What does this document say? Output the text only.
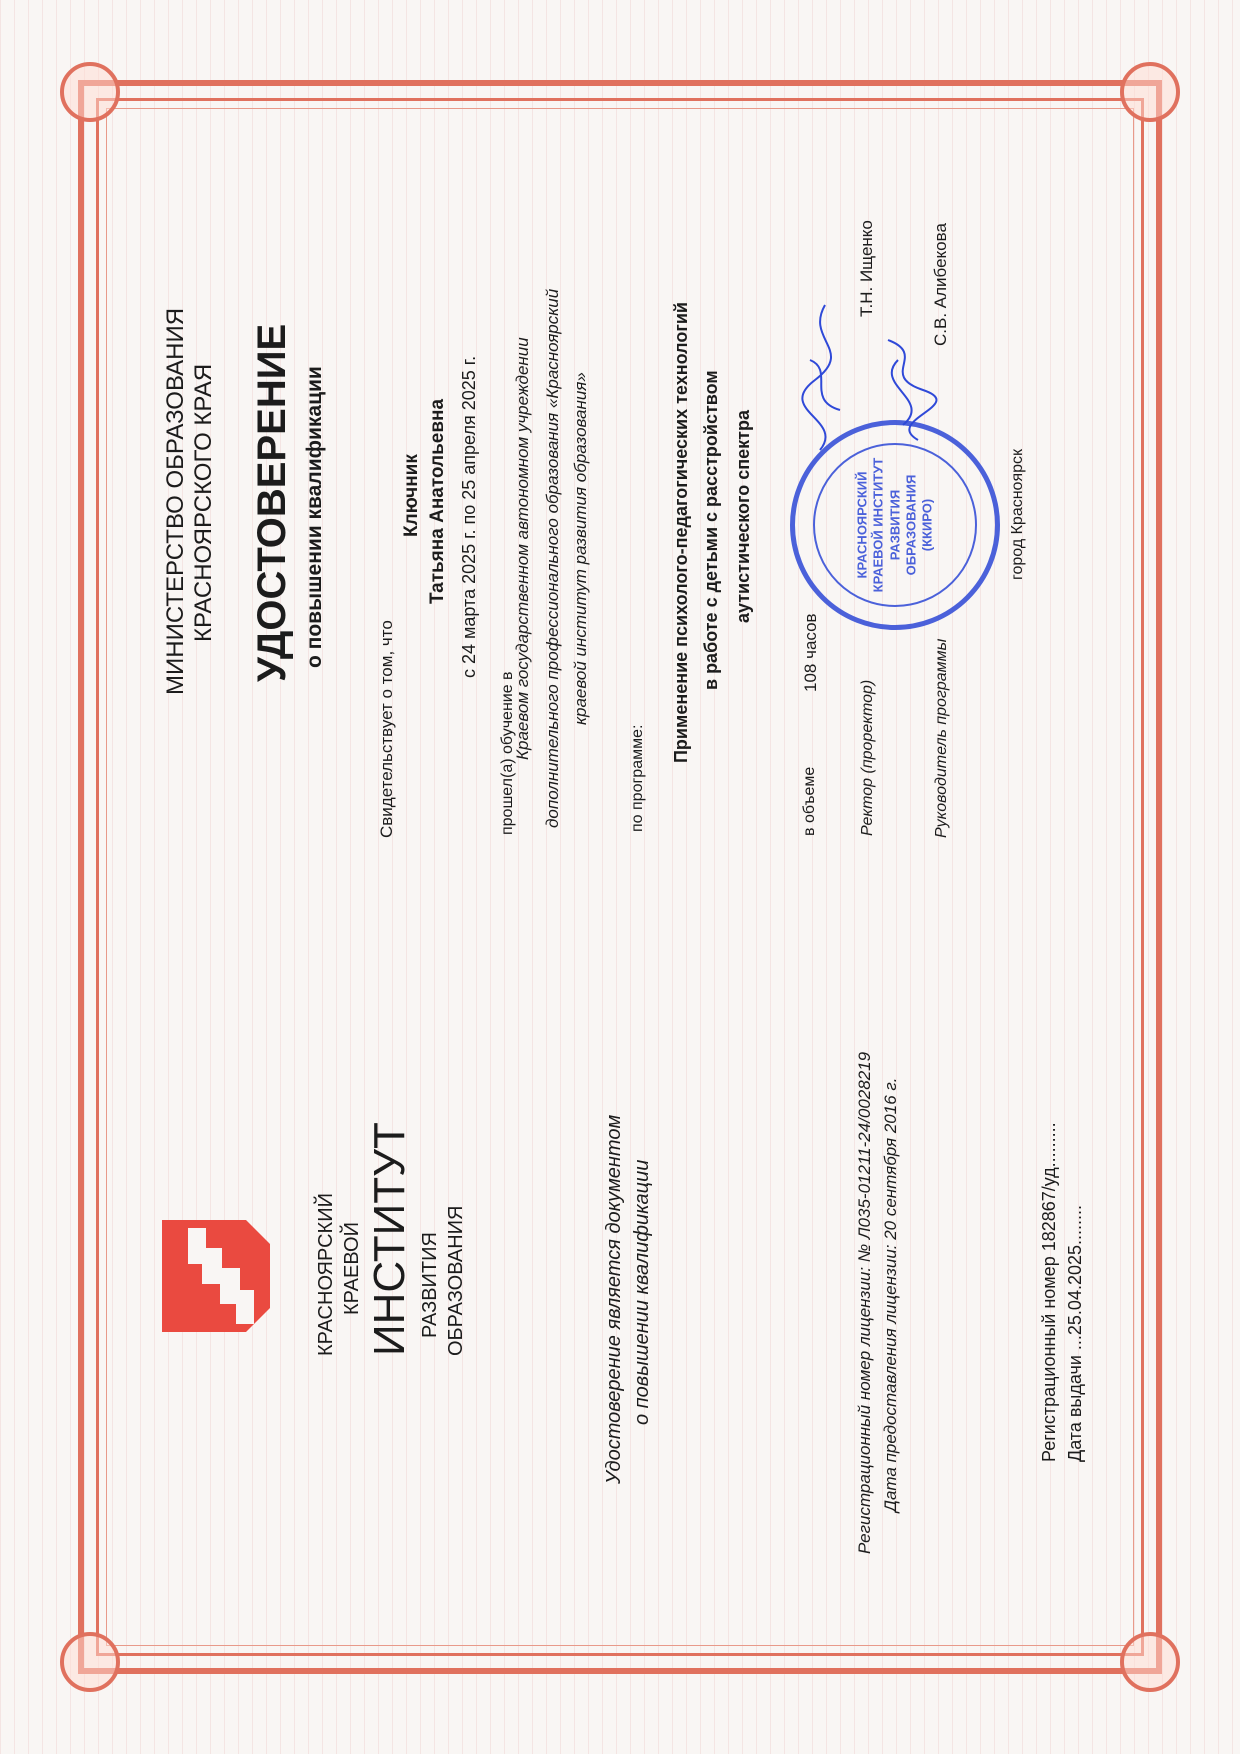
МИНИСТЕРСТВО ОБРАЗОВАНИЯ КРАСНОЯРСКОГО КРАЯ УДОСТОВЕРЕНИЕ о повышении квалификации
Свидетельствует о том, что
Ключник Татьяна Анатольевна с 24 марта 2025 г. по 25 апреля 2025 г.
прошел(а) обучение в
Краевом государственном автономном учреждении дополнительного профессионального образования «Красноярский краевой институт развития образования»
по программе:
Применение психолого-педагогических технологий в работе с детьми с расстройством аутистического спектра
в объеме
108 часов
Ректор (проректор)
Т.Н. Ищенко
Руководитель программы
С.В. Алибекова
город Красноярск
КРАСНОЯРСКИЙ КРАЕВОЙ ИНСТИТУТ РАЗВИТИЯ ОБРАЗОВАНИЯ (ККИРО)
КРАСНОЯРСКИЙ КРАЕВОЙ ИНСТИТУТ РАЗВИТИЯ ОБРАЗОВАНИЯ	Удостоверение является документом о повышении квалификации	Регистрационный номер лицензии: № Л035-01211-24/0028219 Дата предоставления лицензии: 20 сентября 2016 г.	Регистрационный номер 182867/уд......... Дата выдачи ...25.04.2025........
